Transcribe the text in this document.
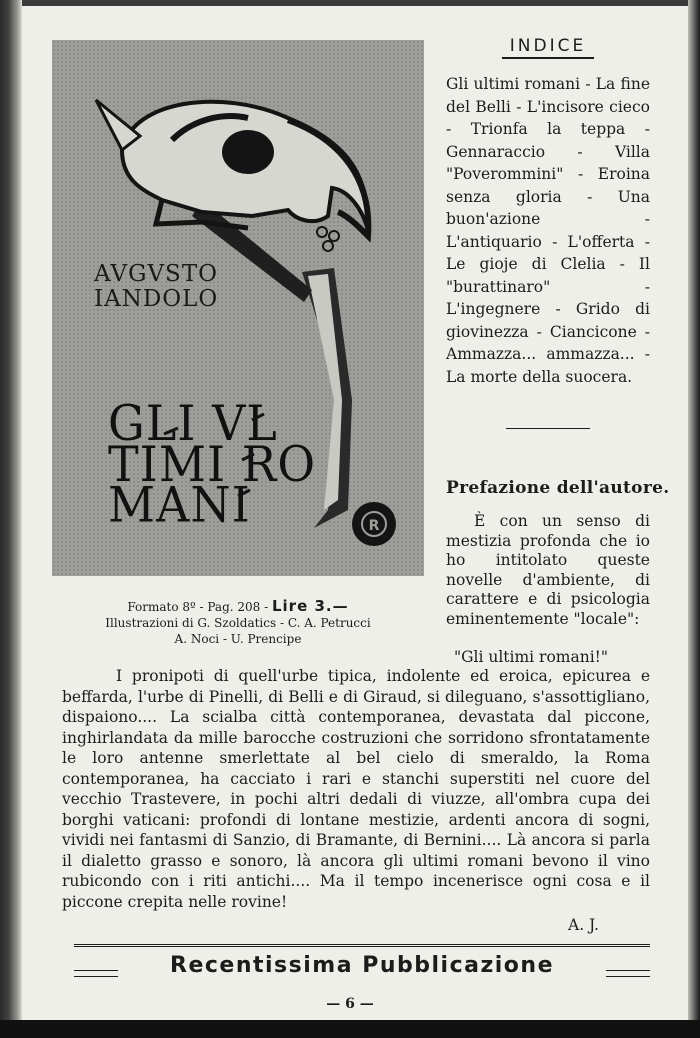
R
AVGVSTO
IANDOLO
GLI VL
TIMI RO
MANI
Formato 8º - Pag. 208 - Lire 3.—
Illustrazioni di G. Szoldatics - C. A. Petrucci
A. Noci - U. Prencipe
INDICE
Gli ultimi romani - La fine del Belli - L'incisore cieco - Trionfa la teppa - Gennaraccio - Villa "Poverommini" - Eroina senza gloria - Una buon'azione - L'antiquario - L'offerta - Le gioje di Clelia - Il "burattinaro" - L'ingegnere - Grido di giovinezza - Ciancicone - Ammazza... ammazza... - La morte della suocera.
Prefazione dell'autore.
È con un senso di mestizia profonda che io ho intitolato queste novelle d'ambiente, di carattere e di psicologia eminentemente "locale":
"Gli ultimi romani!"
I pronipoti di quell'urbe tipica, indolente ed eroica, epicurea e beffarda, l'urbe di Pinelli, di Belli e di Giraud, si dileguano, s'assottigliano, dispaiono.... La scialba città contemporanea, devastata dal piccone, inghirlandata da mille barocche costruzioni che sorridono sfrontatamente le loro antenne smerlettate al bel cielo di smeraldo, la Roma contemporanea, ha cacciato i rari e stanchi superstiti nel cuore del vecchio Trastevere, in pochi altri dedali di viuzze, all'ombra cupa dei borghi vaticani: profondi di lontane mestizie, ardenti ancora di sogni, vividi nei fantasmi di Sanzio, di Bramante, di Bernini.... Là ancora si parla il dialetto grasso e sonoro, là ancora gli ultimi romani bevono il vino rubicondo con i riti antichi.... Ma il tempo incenerisce ogni cosa e il piccone crepita nelle rovine!
A. J.
Recentissima Pubblicazione
— 6 —
